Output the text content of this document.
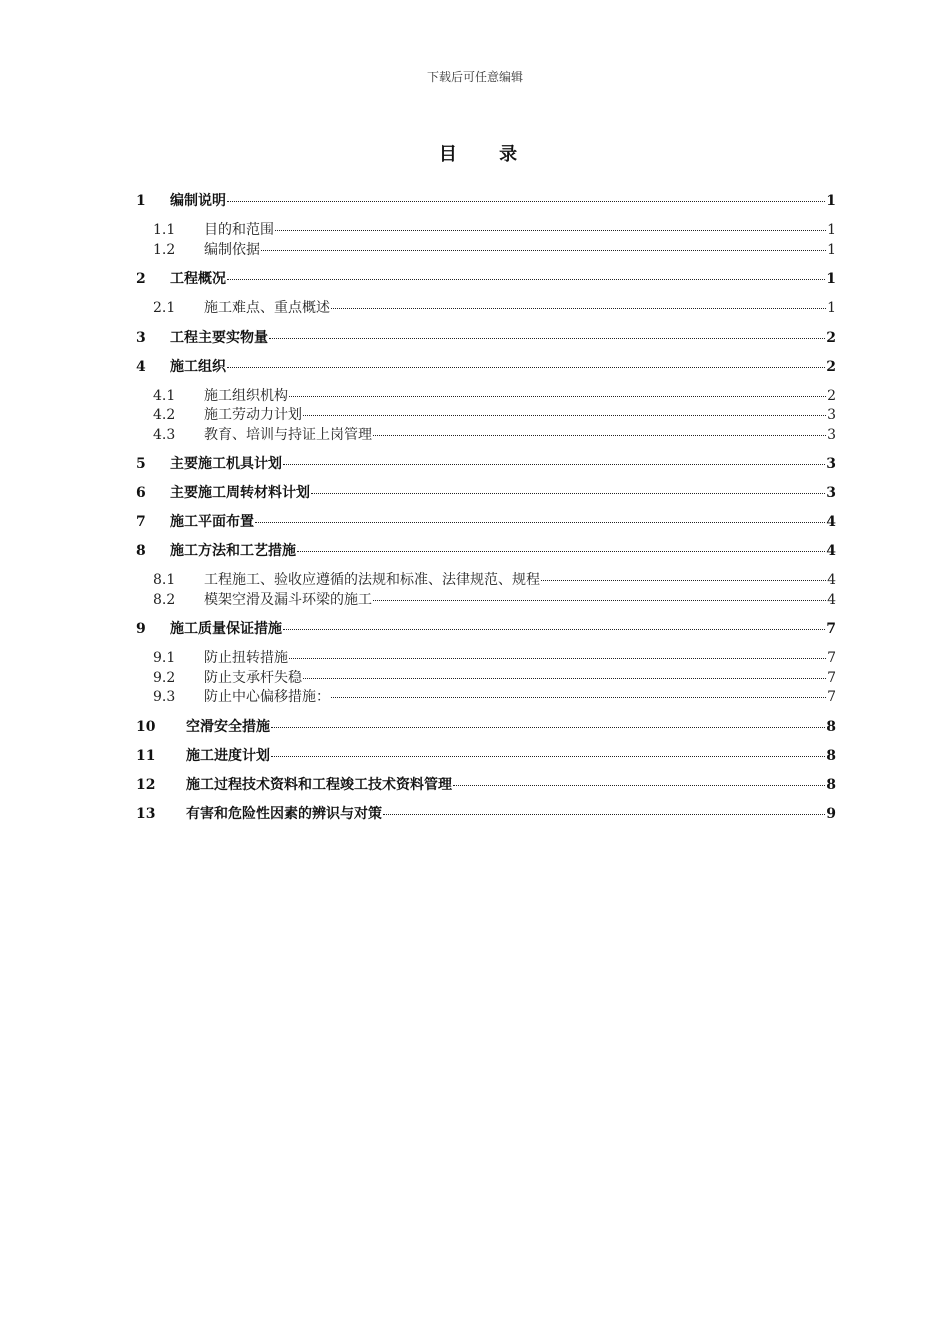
下载后可任意编辑
目 录
1	编制说明	1
1.1	目的和范围	1
1.2	编制依据	1
2	工程概况	1
2.1	施工难点、重点概述	1
3	工程主要实物量	2
4	施工组织	2
4.1	施工组织机构	2
4.2	施工劳动力计划	3
4.3	教育、培训与持证上岗管理	3
5	主要施工机具计划	3
6	主要施工周转材料计划	3
7	施工平面布置	4
8	施工方法和工艺措施	4
8.1	工程施工、验收应遵循的法规和标准、法律规范、规程	4
8.2	模架空滑及漏斗环梁的施工	4
9	施工质量保证措施	7
9.1	防止扭转措施	7
9.2	防止支承杆失稳	7
9.3	防止中心偏移措施：	7
10	空滑安全措施	8
11	施工进度计划	8
12	施工过程技术资料和工程竣工技术资料管理	8
13	有害和危险性因素的辨识与对策	9
